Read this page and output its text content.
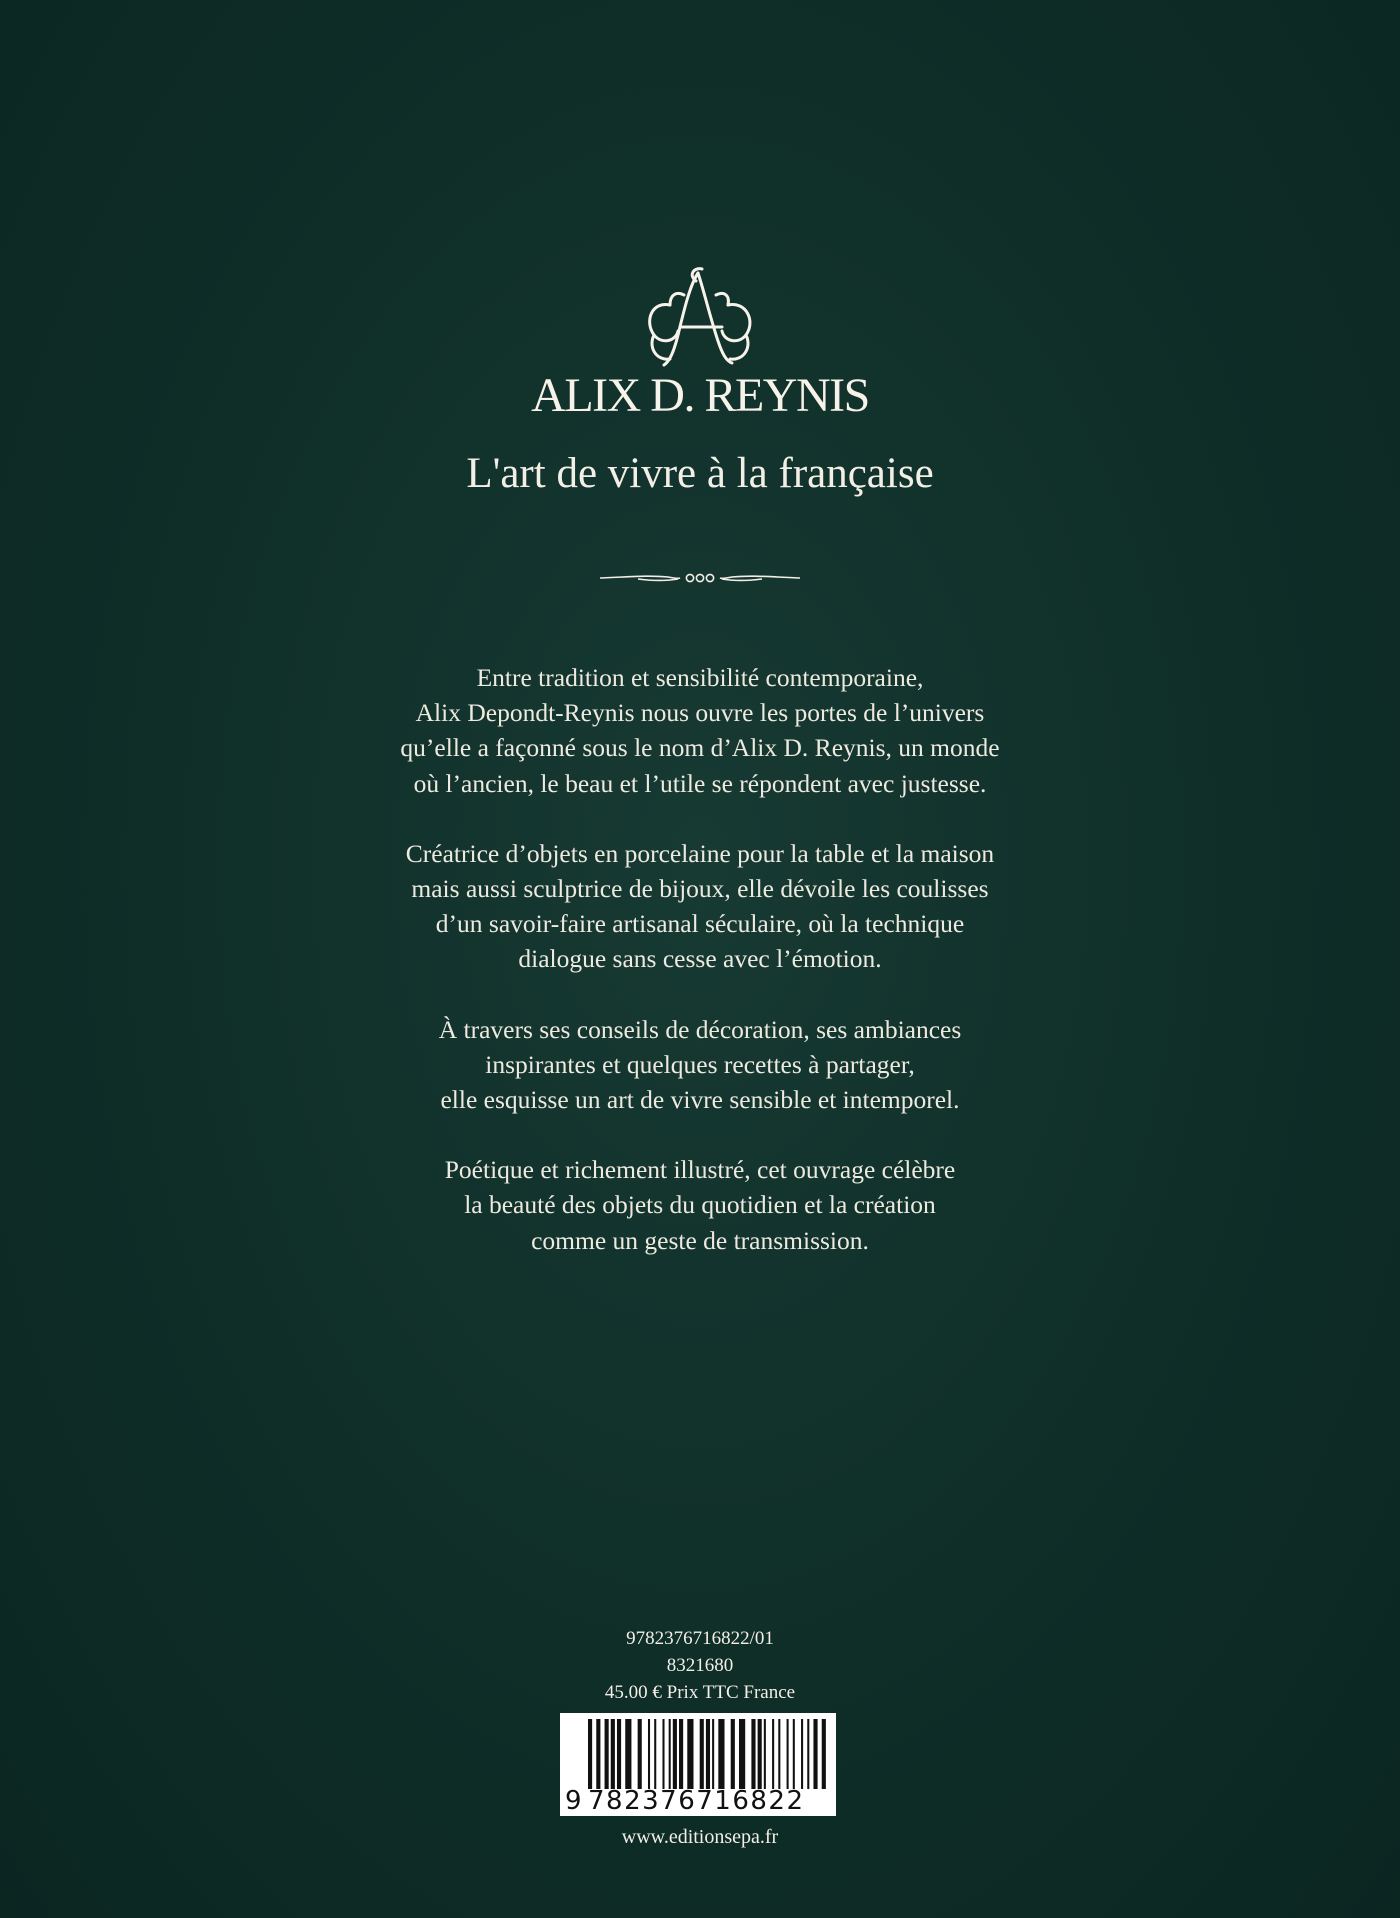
ALIX D. REYNIS
L'art de vivre à la française

Entre tradition et sensibilité contemporaine,
Alix Depondt-Reynis nous ouvre les portes de l’univers
qu’elle a façonné sous le nom d’Alix D. Reynis, un monde
où l’ancien, le beau et l’utile se répondent avec justesse.

Créatrice d’objets en porcelaine pour la table et la maison
mais aussi sculptrice de bijoux, elle dévoile les coulisses
d’un savoir-faire artisanal séculaire, où la technique
dialogue sans cesse avec l’émotion.

À travers ses conseils de décoration, ses ambiances
inspirantes et quelques recettes à partager,
elle esquisse un art de vivre sensible et intemporel.

Poétique et richement illustré, cet ouvrage célèbre
la beauté des objets du quotidien et la création
comme un geste de transmission.

9782376716822/01
8321680
45.00 € Prix TTC France
9 782376716822
www.editionsepa.fr
